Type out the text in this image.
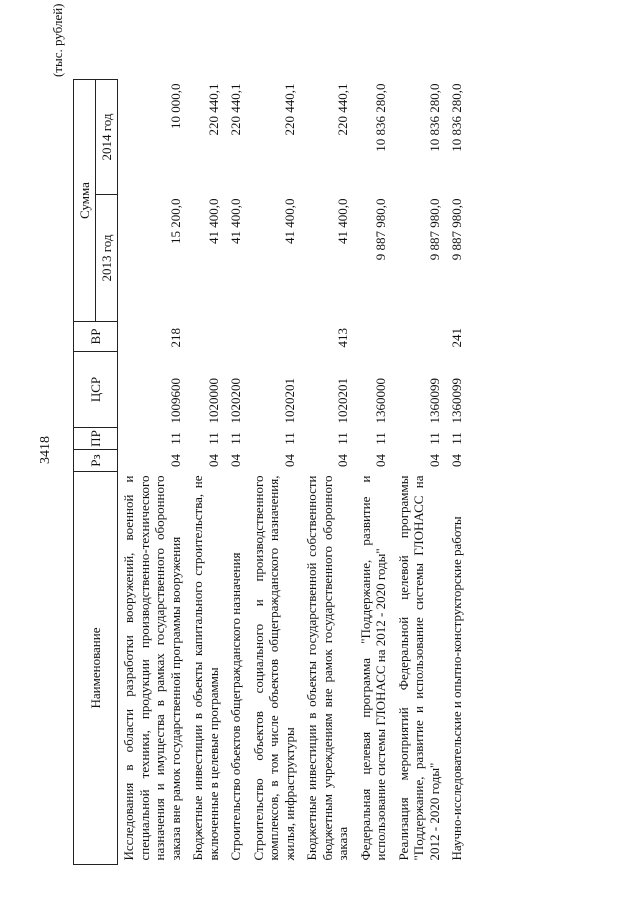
3418
(тыс. рублей)
Наименование	Рз	ПР	ЦСР	ВР	Сумма	
					2013 год	2014 год
Исследования в области разработки вооружений, военной и специальной техники, продукции производственно-технического назначения и имущества в рамках государственного оборонного заказа вне рамок государственной программы вооружения	04	11	1009600	218	15 200,0	10 000,0
Бюджетные инвестиции в объекты капитального строительства, не включенные в целевые программы	04	11	1020000		41 400,0	220 440,1
Строительство объектов общегражданского назначения	04	11	1020200		41 400,0	220 440,1
Строительство объектов социального и производственного комплексов, в том числе объектов общегражданского назначения, жилья, инфраструктуры	04	11	1020201		41 400,0	220 440,1
Бюджетные инвестиции в объекты государственной собственности бюджетным учреждениям вне рамок государственного оборонного заказа	04	11	1020201	413	41 400,0	220 440,1
Федеральная целевая программа "Поддержание, развитие и использование системы ГЛОНАСС на 2012 - 2020 годы"	04	11	1360000		9 887 980,0	10 836 280,0
Реализация мероприятий Федеральной целевой программы "Поддержание, развитие и использование системы ГЛОНАСС на 2012 - 2020 годы"	04	11	1360099		9 887 980,0	10 836 280,0
Научно-исследовательские и опытно-конструкторские работы	04	11	1360099	241	9 887 980,0	10 836 280,0
